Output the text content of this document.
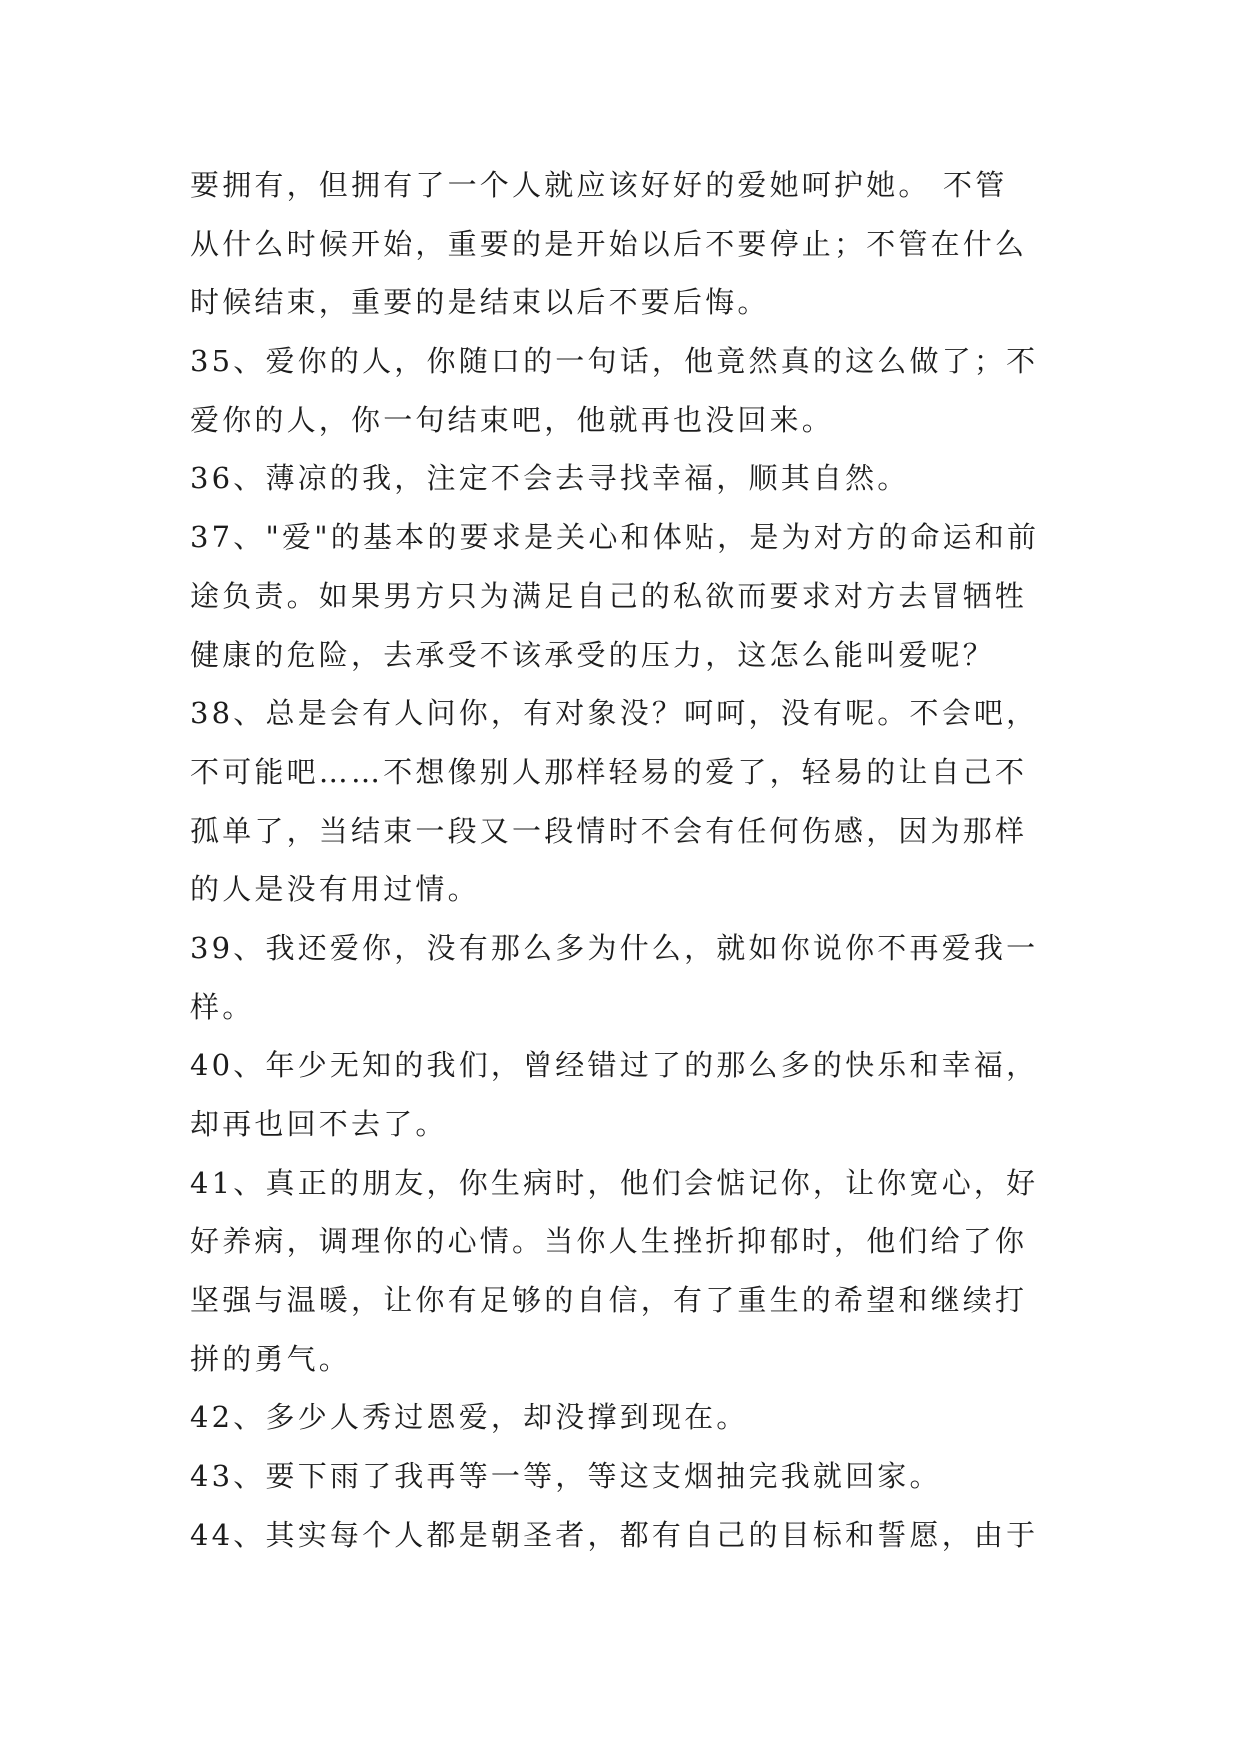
要拥有，但拥有了一个人就应该好好的爱她呵护她。 不管
从什么时候开始，重要的是开始以后不要停止；不管在什么
时候结束，重要的是结束以后不要后悔。
35、爱你的人，你随口的一句话，他竟然真的这么做了；不
爱你的人，你一句结束吧，他就再也没回来。
36、薄凉的我，注定不会去寻找幸福，顺其自然。
37、"爱"的基本的要求是关心和体贴，是为对方的命运和前
途负责。如果男方只为满足自己的私欲而要求对方去冒牺牲
健康的危险，去承受不该承受的压力，这怎么能叫爱呢？
38、总是会有人问你，有对象没？呵呵，没有呢。不会吧，
不可能吧……不想像别人那样轻易的爱了，轻易的让自己不
孤单了，当结束一段又一段情时不会有任何伤感，因为那样
的人是没有用过情。
39、我还爱你，没有那么多为什么，就如你说你不再爱我一
样。
40、年少无知的我们，曾经错过了的那么多的快乐和幸福，
却再也回不去了。
41、真正的朋友，你生病时，他们会惦记你，让你宽心，好
好养病，调理你的心情。当你人生挫折抑郁时，他们给了你
坚强与温暖，让你有足够的自信，有了重生的希望和继续打
拼的勇气。
42、多少人秀过恩爱，却没撑到现在。
43、要下雨了我再等一等，等这支烟抽完我就回家。
44、其实每个人都是朝圣者，都有自己的目标和誓愿，由于
